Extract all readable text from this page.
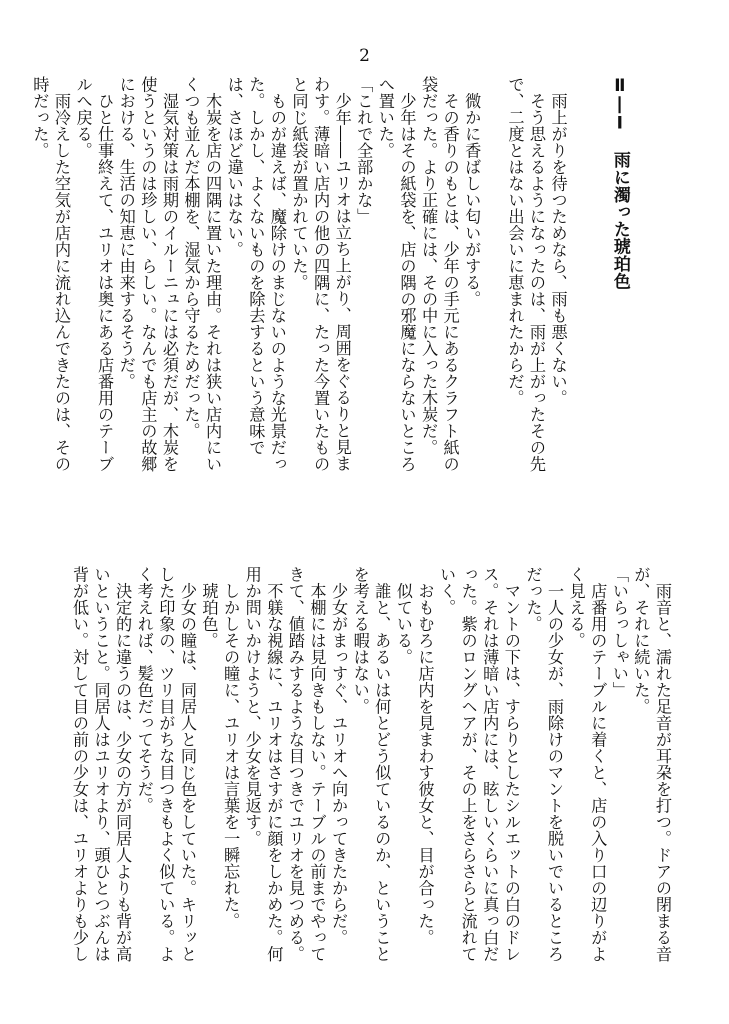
2

Ⅱ―Ⅰ　雨に濁った琥珀色

　雨上がりを待つためなら、雨も悪くない。
　そう思えるようになったのは、雨が上がったその先
で、二度とはない出会いに恵まれたからだ。

　微かに香ばしい匂いがする。
　その香りのもとは、少年の手元にあるクラフト紙の
袋だった。より正確には、その中に入った木炭だ。
　少年はその紙袋を、店の隅の邪魔にならないところ
へ置いた。
「これで全部かな」
　少年――ユリオは立ち上がり、周囲をぐるりと見ま
わす。薄暗い店内の他の四隅に、たった今置いたもの
と同じ紙袋が置かれていた。
　ものが違えば、魔除けのまじないのような光景だっ
た。しかし、よくないものを除去するという意味で
は、さほど違いはない。
　木炭を店の四隅に置いた理由。それは狭い店内にい
くつも並んだ本棚を、湿気から守るためだった。
　湿気対策は雨期のイルーニュには必須だが、木炭を
使うというのは珍しい、らしい。なんでも店主の故郷
における、生活の知恵に由来するそうだ。
　ひと仕事終えて、ユリオは奥にある店番用のテーブ
ルへ戻る。
　雨冷えした空気が店内に流れ込んできたのは、その
時だった。
　雨音と、濡れた足音が耳朶を打つ。ドアの閉まる音
が、それに続いた。
「いらっしゃい」
　店番用のテーブルに着くと、店の入り口の辺りがよ
く見える。
　一人の少女が、雨除けのマントを脱いでいるところ
だった。
　マントの下は、すらりとしたシルエットの白のドレ
ス。それは薄暗い店内には、眩しいくらいに真っ白だ
った。紫のロングヘアが、その上をさらさらと流れて
いく。
　おもむろに店内を見まわす彼女と、目が合った。
　似ている。
　誰と、あるいは何とどう似ているのか、ということ
を考える暇はない。
　少女がまっすぐ、ユリオへ向かってきたからだ。
　本棚には見向きもしない。テーブルの前までやって
きて、値踏みするような目つきでユリオを見つめる。
　不躾な視線に、ユリオはさすがに顔をしかめた。何
用か問いかけようと、少女を見返す。
　しかしその瞳に、ユリオは言葉を一瞬忘れた。
　琥珀色。
　少女の瞳は、同居人と同じ色をしていた。キリッと
した印象の、ツリ目がちな目つきもよく似ている。よ
く考えれば、髪色だってそうだ。
　決定的に違うのは、少女の方が同居人よりも背が高
いということ。同居人はユリオより、頭ひとつぶんは
背が低い。対して目の前の少女は、ユリオよりも少し
